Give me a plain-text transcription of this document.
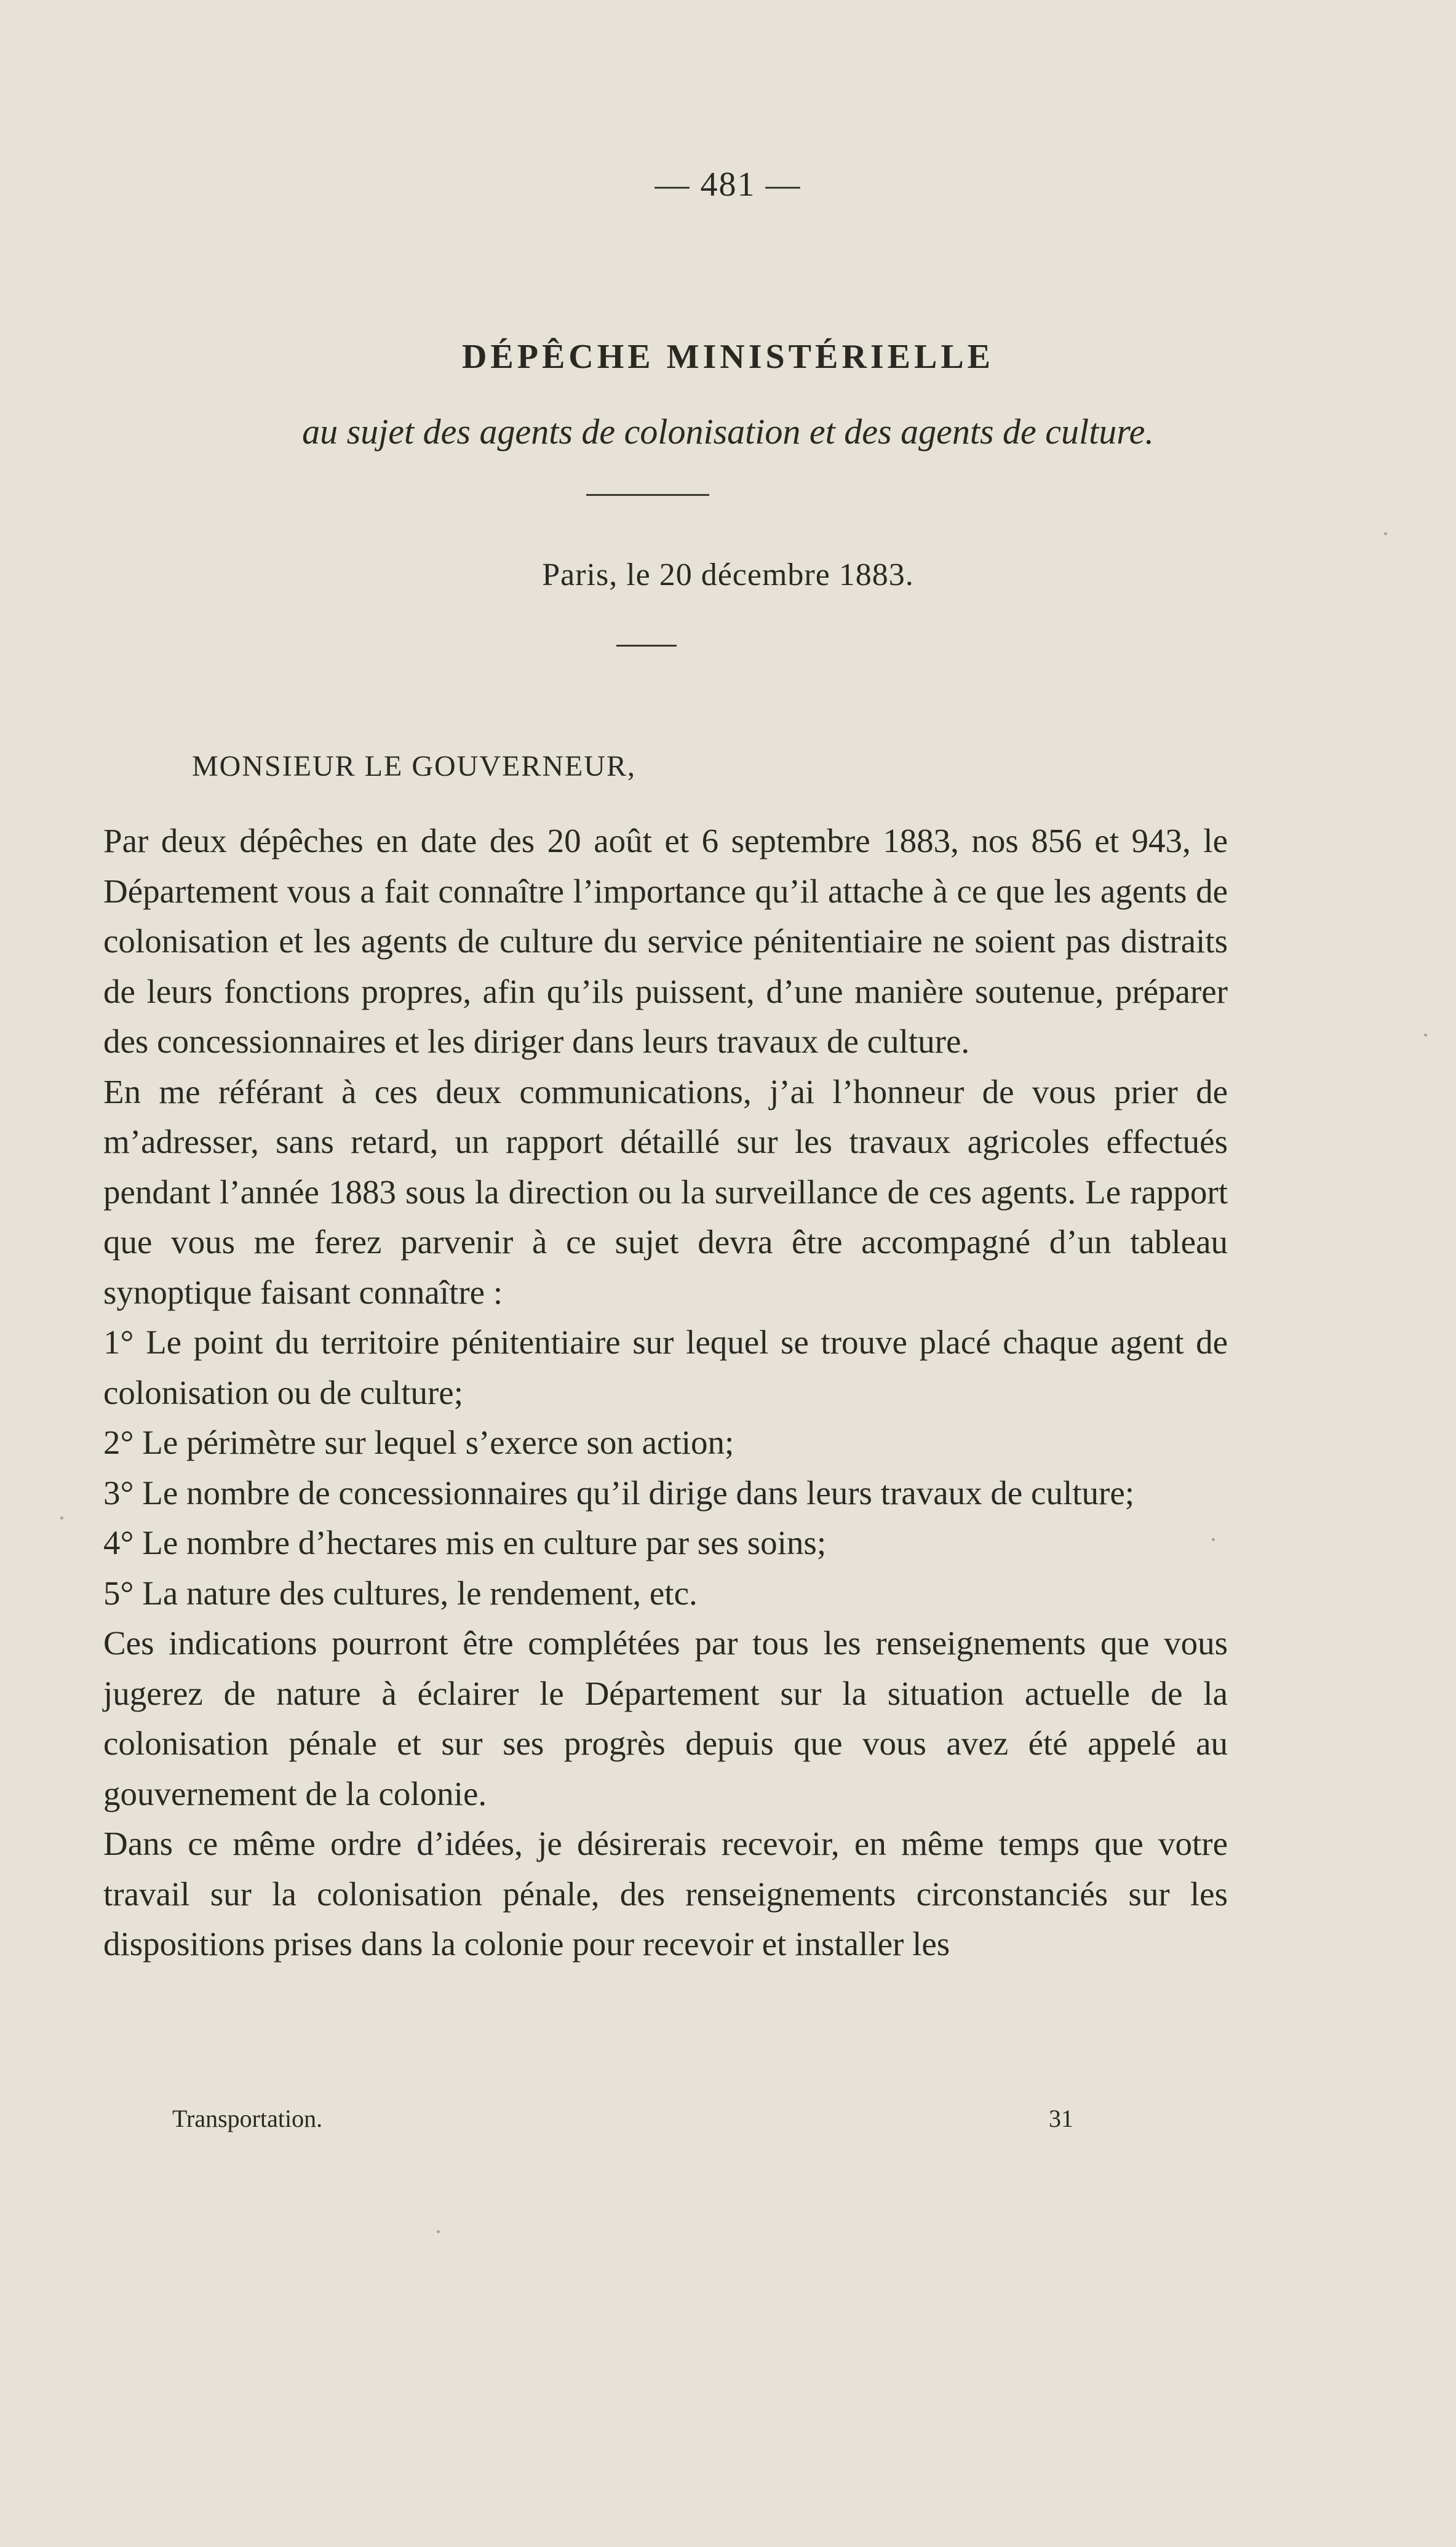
— 481 —
DÉPÊCHE MINISTÉRIELLE
au sujet des agents de colonisation et des agents de culture.
Paris, le 20 décembre 1883.
MONSIEUR LE GOUVERNEUR,

Par deux dépêches en date des 20 août et 6 septembre 1883, nos 856 et 943, le Département vous a fait connaître l’importance qu’il attache à ce que les agents de colonisation et les agents de culture du service pénitentiaire ne soient pas distraits de leurs fonctions propres, afin qu’ils puissent, d’une manière soutenue, préparer des concessionnaires et les diriger dans leurs travaux de culture.

En me référant à ces deux communications, j’ai l’honneur de vous prier de m’adresser, sans retard, un rapport détaillé sur les travaux agricoles effectués pendant l’année 1883 sous la direction ou la surveillance de ces agents. Le rapport que vous me ferez parvenir à ce sujet devra être accompagné d’un tableau synoptique faisant connaître :

1° Le point du territoire pénitentiaire sur lequel se trouve placé chaque agent de colonisation ou de culture;

2° Le périmètre sur lequel s’exerce son action;

3° Le nombre de concessionnaires qu’il dirige dans leurs travaux de culture;

4° Le nombre d’hectares mis en culture par ses soins;

5° La nature des cultures, le rendement, etc.

Ces indications pourront être complétées par tous les renseignements que vous jugerez de nature à éclairer le Département sur la situation actuelle de la colonisation pénale et sur ses progrès depuis que vous avez été appelé au gouvernement de la colonie.

Dans ce même ordre d’idées, je désirerais recevoir, en même temps que votre travail sur la colonisation pénale, des renseignements circonstanciés sur les dispositions prises dans la colonie pour recevoir et installer les

Transportation.	31
